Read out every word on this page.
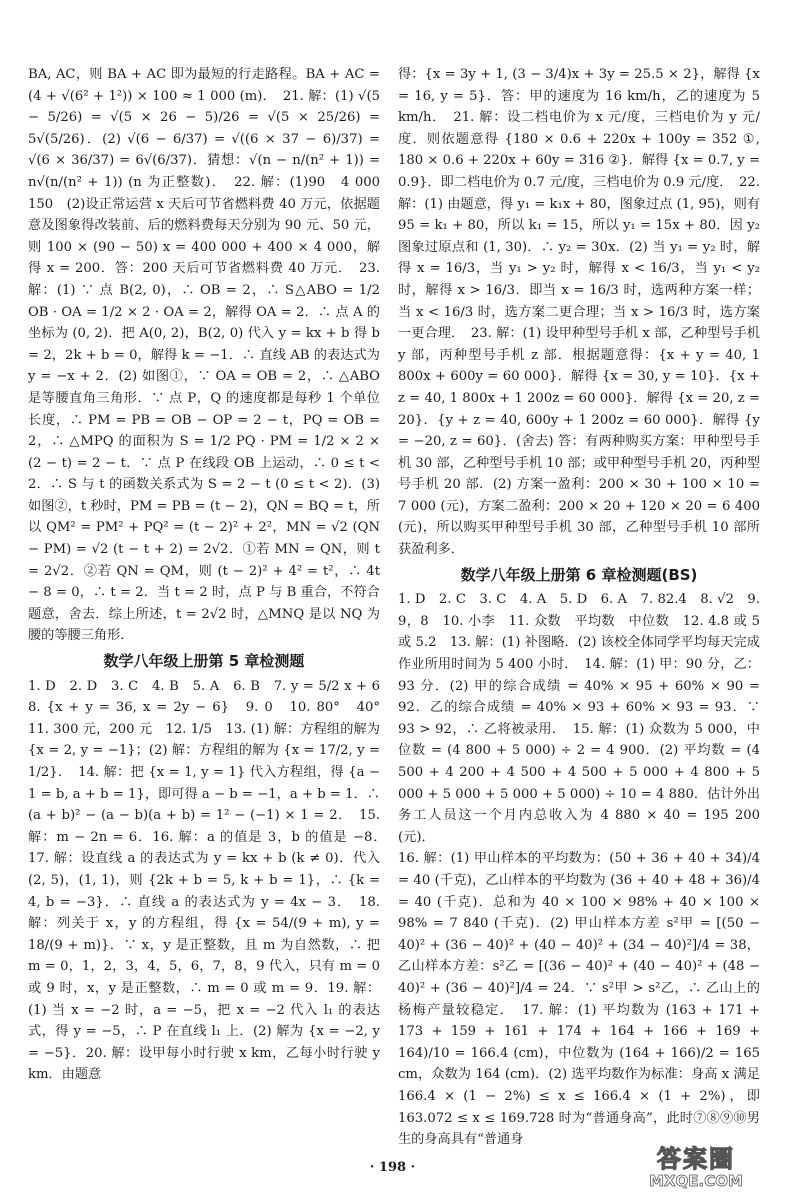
BA, AC，则 BA + AC 即为最短的行走路程。BA + AC = (4 + √(6² + 1²)) × 100 ≈ 1 000 (m)．　21. 解：(1) √(5 − 5/26) = √(5 × 26 − 5)/26 = √(5 × 25/26) = 5√(5/26)．(2) √(6 − 6/37) = √((6 × 37 − 6)/37) = √(6 × 36/37) = 6√(6/37)．猜想：√(n − n/(n² + 1)) = n√(n/(n² + 1)) (n 为正整数)．　22. 解：(1)90　4 000　150　(2)设正常运营 x 天后可节省燃料费 40 万元，依据题意及图象得改装前、后的燃料费每天分别为 90 元、50 元，则 100 × (90 − 50) x = 400 000 + 400 × 4 000，解得 x = 200．答：200 天后可节省燃料费 40 万元．　23. 解：(1) ∵ 点 B(2, 0)，∴ OB = 2，∴ S△ABO = 1/2 OB · OA = 1/2 × 2 · OA = 2，解得 OA = 2．∴ 点 A 的坐标为 (0, 2)．把 A(0, 2)，B(2, 0) 代入 y = kx + b 得 b = 2，2k + b = 0，解得 k = −1．∴ 直线 AB 的表达式为 y = −x + 2．(2) 如图①，∵ OA = OB = 2，∴ △ABO 是等腰直角三角形．∵ 点 P，Q 的速度都是每秒 1 个单位长度，∴ PM = PB = OB − OP = 2 − t，PQ = OB = 2，∴ △MPQ 的面积为 S = 1/2 PQ · PM = 1/2 × 2 × (2 − t) = 2 − t．∵ 点 P 在线段 OB 上运动，∴ 0 ≤ t < 2．∴ S 与 t 的函数关系式为 S = 2 − t (0 ≤ t < 2)．(3) 如图②，t 秒时，PM = PB = (t − 2)，QN = BQ = t，所以 QM² = PM² + PQ² = (t − 2)² + 2²，MN = √2 (QN − PM) = √2 (t − t + 2) = 2√2．①若 MN = QN，则 t = 2√2．②若 QN = QM，则 (t − 2)² + 4² = t²，∴ 4t − 8 = 0，∴ t = 2．当 t = 2 时，点 P 与 B 重合，不符合题意，舍去．综上所述，t = 2√2 时，△MNQ 是以 NQ 为腰的等腰三角形．

数学八年级上册第 5 章检测题

1. D　2. D　3. C　4. B　5. A　6. B　7. y = 5/2 x + 6　8. {x + y = 36, x = 2y − 6}　9. 0　10. 80°　40°　11. 300 元，200 元　12. 1/5　13. (1) 解：方程组的解为 {x = 2, y = −1}；(2) 解：方程组的解为 {x = 17/2, y = 1/2}．　14. 解：把 {x = 1, y = 1} 代入方程组，得 {a − 1 = b, a + b = 1}，即可得 a − b = −1，a + b = 1．∴ (a + b)² − (a − b)(a + b) = 1² − (−1) × 1 = 2．　15. 解：m − 2n = 6．16. 解：a 的值是 3，b 的值是 −8．　17. 解：设直线 a 的表达式为 y = kx + b (k ≠ 0)．代入 (2, 5)，(1, 1)，则 {2k + b = 5, k + b = 1}，∴ {k = 4, b = −3}．∴ 直线 a 的表达式为 y = 4x − 3．　18. 解：列关于 x，y 的方程组，得 {x = 54/(9 + m), y = 18/(9 + m)}．∵ x，y 是正整数，且 m 为自然数，∴ 把 m = 0，1，2，3，4，5，6，7，8，9 代入，只有 m = 0 或 9 时，x，y 是正整数，∴ m = 0 或 m = 9．19. 解：(1) 当 x = −2 时，a = −5，把 x = −2 代入 l₁ 的表达式，得 y = −5，∴ P 在直线 l₁ 上．(2) 解为 {x = −2, y = −5}．20. 解：设甲每小时行驶 x km，乙每小时行驶 y km．由题意

得：{x = 3y + 1, (3 − 3/4)x + 3y = 25.5 × 2}，解得 {x = 16, y = 5}．答：甲的速度为 16 km/h，乙的速度为 5 km/h．　21. 解：设二档电价为 x 元/度，三档电价为 y 元/度．则依题意得 {180 × 0.6 + 220x + 100y = 352 ①, 180 × 0.6 + 220x + 60y = 316 ②}．解得 {x = 0.7, y = 0.9}．即二档电价为 0.7 元/度，三档电价为 0.9 元/度．　22. 解：(1) 由题意，得 y₁ = k₁x + 80，图象过点 (1, 95)，则有 95 = k₁ + 80，所以 k₁ = 15，所以 y₁ = 15x + 80．因 y₂ 图象过原点和 (1, 30)．∴ y₂ = 30x．(2) 当 y₁ = y₂ 时，解得 x = 16/3，当 y₁ > y₂ 时，解得 x < 16/3，当 y₁ < y₂ 时，解得 x > 16/3．即当 x = 16/3 时，选两种方案一样；当 x < 16/3 时，选方案二更合理；当 x > 16/3 时，选方案一更合理．　23. 解：(1) 设甲种型号手机 x 部，乙种型号手机 y 部，丙种型号手机 z 部．根据题意得：{x + y = 40, 1 800x + 600y = 60 000}．解得 {x = 30, y = 10}．{x + z = 40, 1 800x + 1 200z = 60 000}．解得 {x = 20, z = 20}．{y + z = 40, 600y + 1 200z = 60 000}．解得 {y = −20, z = 60}．(舍去) 答：有两种购买方案：甲种型号手机 30 部，乙种型号手机 10 部；或甲种型号手机 20，丙种型号手机 20 部．(2) 方案一盈利：200 × 30 + 100 × 10 = 7 000 (元)，方案二盈利：200 × 20 + 120 × 20 = 6 400 (元)，所以购买甲种型号手机 30 部，乙种型号手机 10 部所获盈利多．

数学八年级上册第 6 章检测题(BS)

1. D　2. C　3. C　4. A　5. D　6. A　7. 82.4　8. √2　9. 9，8　10. 小李　11. 众数　平均数　中位数　12. 4.8 或 5 或 5.2　13. 解：(1) 补图略．(2) 该校全体同学平均每天完成作业所用时间为 5 400 小时．　14. 解：(1) 甲：90 分，乙：93 分．(2) 甲的综合成绩 = 40% × 95 + 60% × 90 = 92．乙的综合成绩 = 40% × 93 + 60% × 93 = 93．∵ 93 > 92，∴ 乙将被录用．　15. 解：(1) 众数为 5 000，中位数 = (4 800 + 5 000) ÷ 2 = 4 900．(2) 平均数 = (4 500 + 4 200 + 4 500 + 4 500 + 5 000 + 4 800 + 5 000 + 5 000 + 5 000 + 5 000) ÷ 10 = 4 880．估计外出务工人员这一个月内总收入为 4 880 × 40 = 195 200 (元)．

16. 解：(1) 甲山样本的平均数为：(50 + 36 + 40 + 34)/4 = 40 (千克)，乙山样本的平均数为 (36 + 40 + 48 + 36)/4 = 40 (千克)．总和为 40 × 100 × 98% + 40 × 100 × 98% = 7 840 (千克)．(2) 甲山样本方差 s²甲 = [(50 − 40)² + (36 − 40)² + (40 − 40)² + (34 − 40)²]/4 = 38，乙山样本方差：s²乙 = [(36 − 40)² + (40 − 40)² + (48 − 40)² + (36 − 40)²]/4 = 24．∵ s²甲 > s²乙，∴ 乙山上的杨梅产量较稳定．　17. 解：(1) 平均数为 (163 + 171 + 173 + 159 + 161 + 174 + 164 + 166 + 169 + 164)/10 = 166.4 (cm)，中位数为 (164 + 166)/2 = 165 cm，众数为 164 (cm)．(2) 选平均数作为标准：身高 x 满足 166.4 × (1 − 2%) ≤ x ≤ 166.4 × (1 + 2%)，即 163.072 ≤ x ≤ 169.728 时为“普通身高”，此时⑦⑧⑨⑩男生的身高具有“普通身

· 198 ·	答案圈
MXQE.COM
